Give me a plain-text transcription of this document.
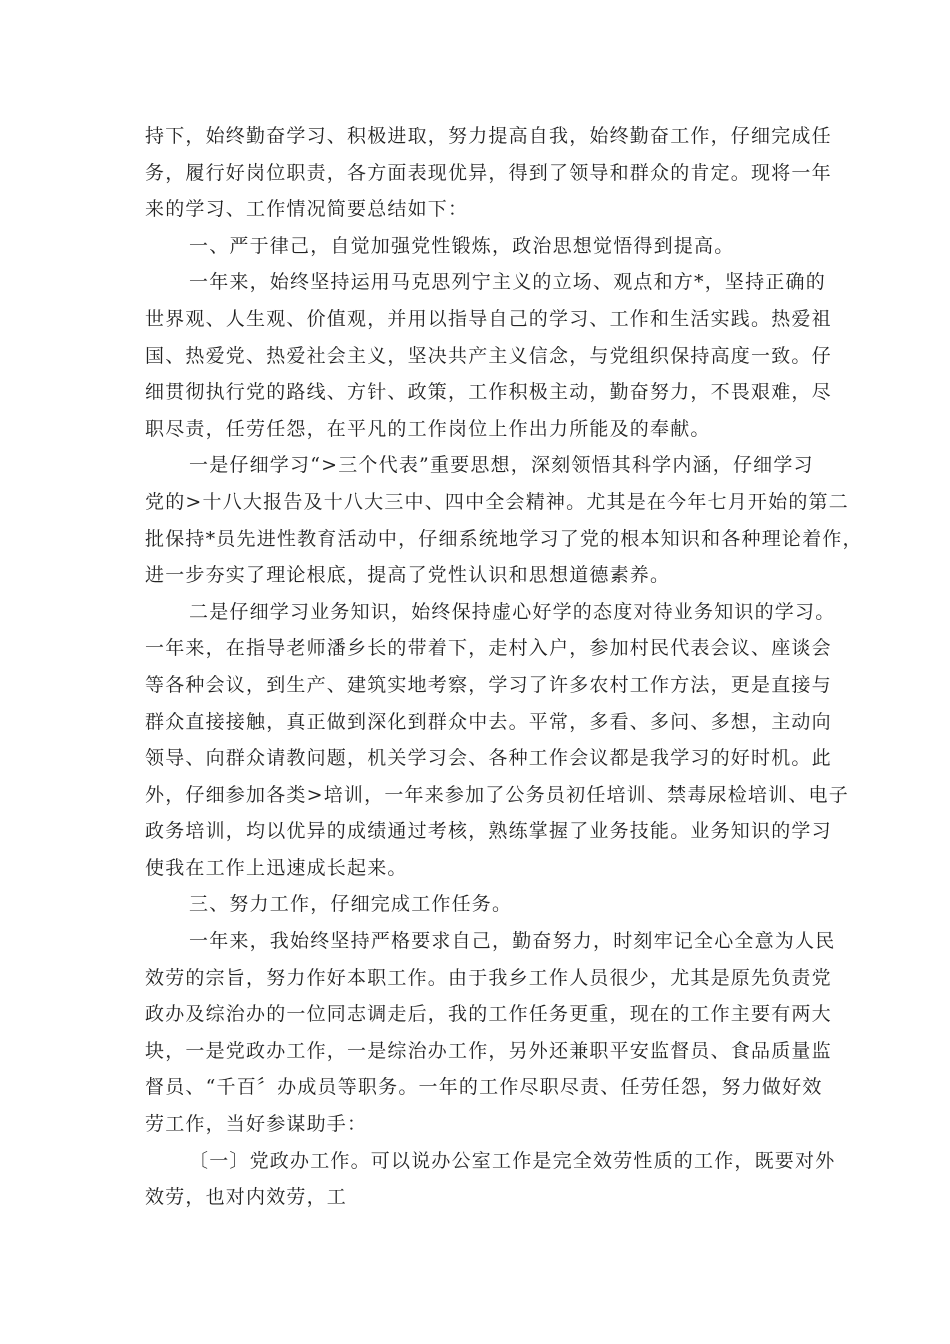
持下，始终勤奋学习、积极进取，努力提高自我，始终勤奋工作，仔细完成任
务，履行好岗位职责，各方面表现优异，得到了领导和群众的肯定。现将一年
来的学习、工作情况简要总结如下：
一、严于律己，自觉加强党性锻炼，政治思想觉悟得到提高。
一年来，始终坚持运用马克思列宁主义的立场、观点和方*，坚持正确的
世界观、人生观、价值观，并用以指导自己的学习、工作和生活实践。热爱祖
国、热爱党、热爱社会主义，坚决共产主义信念，与党组织保持高度一致。仔
细贯彻执行党的路线、方针、政策，工作积极主动，勤奋努力，不畏艰难，尽
职尽责，任劳任怨，在平凡的工作岗位上作出力所能及的奉献。
一是仔细学习“>三个代表”重要思想，深刻领悟其科学内涵，仔细学习
党的>十八大报告及十八大三中、四中全会精神。尤其是在今年七月开始的第二
批保持*员先进性教育活动中，仔细系统地学习了党的根本知识和各种理论着作，
进一步夯实了理论根底，提高了党性认识和思想道德素养。
二是仔细学习业务知识，始终保持虚心好学的态度对待业务知识的学习。
一年来，在指导老师潘乡长的带着下，走村入户，参加村民代表会议、座谈会
等各种会议，到生产、建筑实地考察，学习了许多农村工作方法，更是直接与
群众直接接触，真正做到深化到群众中去。平常，多看、多问、多想，主动向
领导、向群众请教问题，机关学习会、各种工作会议都是我学习的好时机。此
外，仔细参加各类>培训，一年来参加了公务员初任培训、禁毒尿检培训、电子
政务培训，均以优异的成绩通过考核，熟练掌握了业务技能。业务知识的学习
使我在工作上迅速成长起来。
三、努力工作，仔细完成工作任务。
一年来，我始终坚持严格要求自己，勤奋努力，时刻牢记全心全意为人民
效劳的宗旨，努力作好本职工作。由于我乡工作人员很少，尤其是原先负责党
政办及综治办的一位同志调走后，我的工作任务更重，现在的工作主要有两大
块，一是党政办工作，一是综治办工作，另外还兼职平安监督员、食品质量监
督员、“千百〞办成员等职务。一年的工作尽职尽责、任劳任怨，努力做好效
劳工作，当好参谋助手：
〔一〕党政办工作。可以说办公室工作是完全效劳性质的工作，既要对外
效劳，也对内效劳，工
